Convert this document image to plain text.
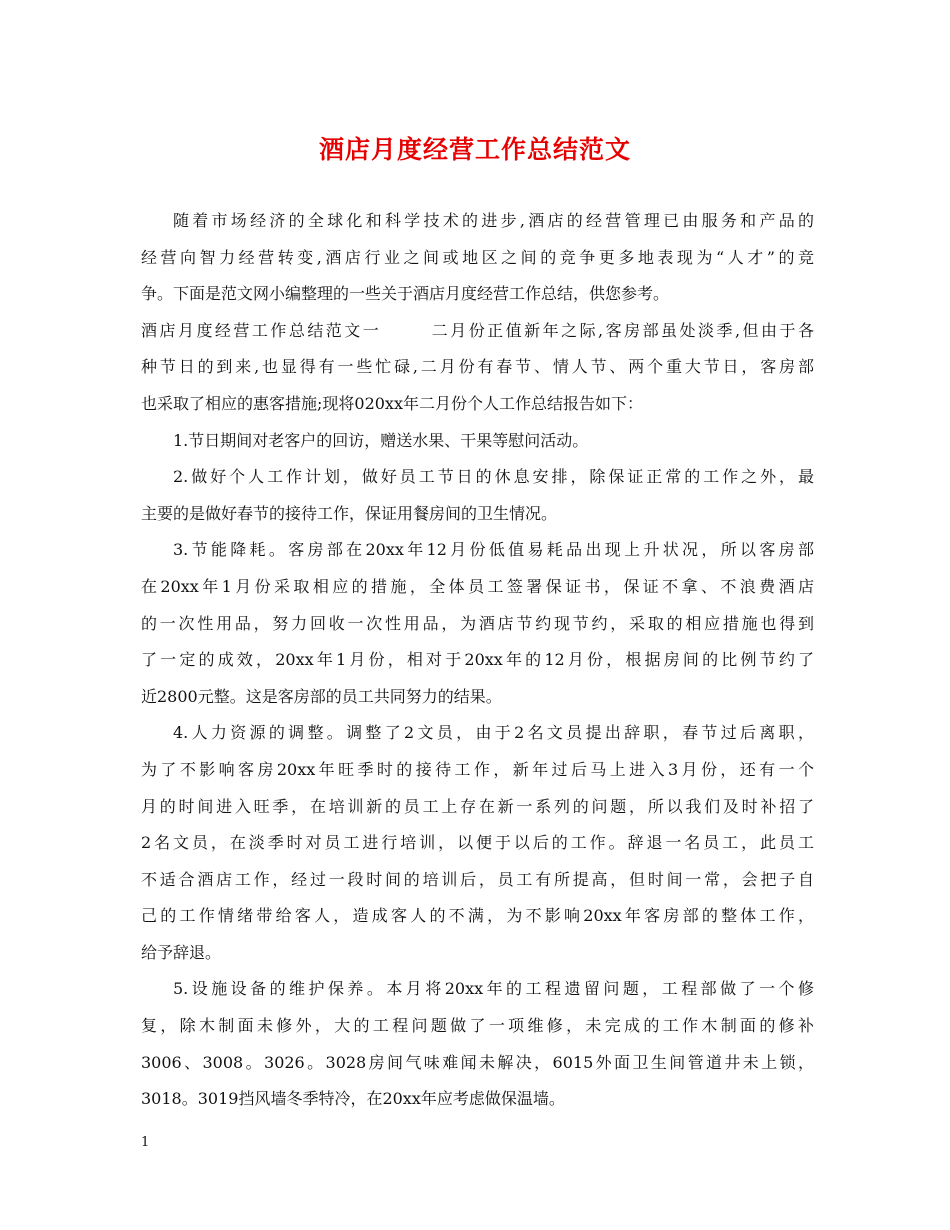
酒店月度经营工作总结范文
随着市场经济的全球化和科学技术的进步,酒店的经营管理已由服务和产品的
经营向智力经营转变,酒店行业之间或地区之间的竞争更多地表现为“人才”的竞
争。下面是范文网小编整理的一些关于酒店月度经营工作总结，供您参考。
酒店月度经营工作总结范文一	二月份正值新年之际,客房部虽处淡季,但由于各
种节日的到来,也显得有一些忙碌,二月份有春节、情人节、两个重大节日，客房部
也采取了相应的惠客措施;现将020xx年二月份个人工作总结报告如下：
1.节日期间对老客户的回访，赠送水果、干果等慰问活动。
2.做好个人工作计划，做好员工节日的休息安排，除保证正常的工作之外，最
主要的是做好春节的接待工作，保证用餐房间的卫生情况。
3.节能降耗。客房部在20xx年12月份低值易耗品出现上升状况，所以客房部
在20xx年1月份采取相应的措施，全体员工签署保证书，保证不拿、不浪费酒店
的一次性用品，努力回收一次性用品，为酒店节约现节约，采取的相应措施也得到
了一定的成效，20xx年1月份，相对于20xx年的12月份，根据房间的比例节约了
近2800元整。这是客房部的员工共同努力的结果。
4.人力资源的调整。调整了2文员，由于2名文员提出辞职，春节过后离职，
为了不影响客房20xx年旺季时的接待工作，新年过后马上进入3月份，还有一个
月的时间进入旺季，在培训新的员工上存在新一系列的问题，所以我们及时补招了
2名文员，在淡季时对员工进行培训，以便于以后的工作。辞退一名员工，此员工
不适合酒店工作，经过一段时间的培训后，员工有所提高，但时间一常，会把子自
己的工作情绪带给客人，造成客人的不满，为不影响20xx年客房部的整体工作，
给予辞退。
5.设施设备的维护保养。本月将20xx年的工程遗留问题，工程部做了一个修
复，除木制面未修外，大的工程问题做了一项维修，未完成的工作木制面的修补
3006、3008。3026。3028房间气味难闻未解决，6015外面卫生间管道井未上锁，
3018。3019挡风墙冬季特冷，在20xx年应考虑做保温墙。
1
